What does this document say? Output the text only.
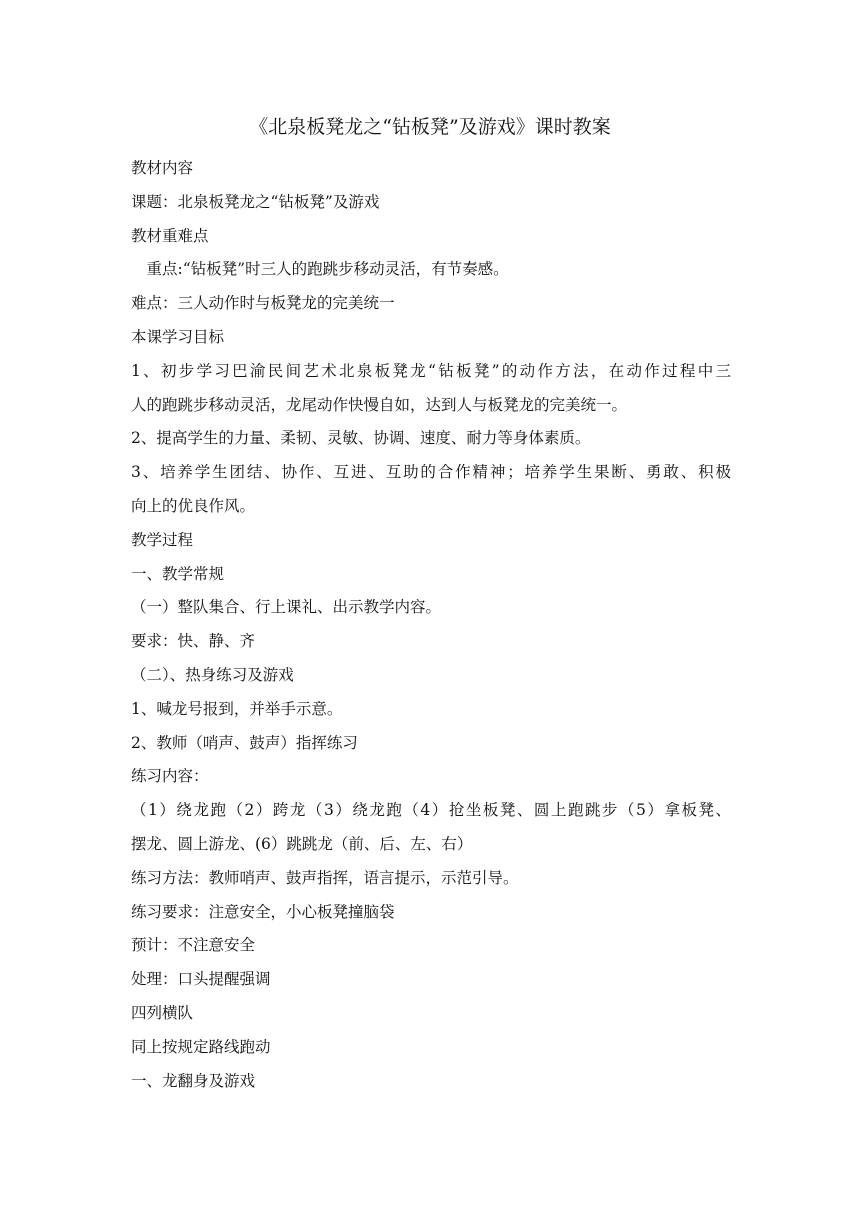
《北泉板凳龙之“钻板凳”及游戏》课时教案
教材内容
课题：北泉板凳龙之“钻板凳”及游戏
教材重难点
　重点:“钻板凳”时三人的跑跳步移动灵活，有节奏感。
难点：三人动作时与板凳龙的完美统一
本课学习目标
1、初步学习巴渝民间艺术北泉板凳龙“钻板凳”的动作方法，在动作过程中三
人的跑跳步移动灵活，龙尾动作快慢自如，达到人与板凳龙的完美统一。
2、提高学生的力量、柔韧、灵敏、协调、速度、耐力等身体素质。
3、培养学生团结、协作、互进、互助的合作精神；培养学生果断、勇敢、积极
向上的优良作风。
教学过程
一、教学常规
（一）整队集合、行上课礼、出示教学内容。
要求：快、静、齐
（二）、热身练习及游戏
1、喊龙号报到，并举手示意。
2、教师（哨声、鼓声）指挥练习
练习内容：
（1）绕龙跑（2）跨龙（3）绕龙跑（4）抢坐板凳、圆上跑跳步（5）拿板凳、
摆龙、圆上游龙、(6）跳跳龙（前、后、左、右）
练习方法：教师哨声、鼓声指挥，语言提示，示范引导。
练习要求：注意安全，小心板凳撞脑袋
预计：不注意安全
处理：口头提醒强调
四列横队
同上按规定路线跑动
一、龙翻身及游戏
